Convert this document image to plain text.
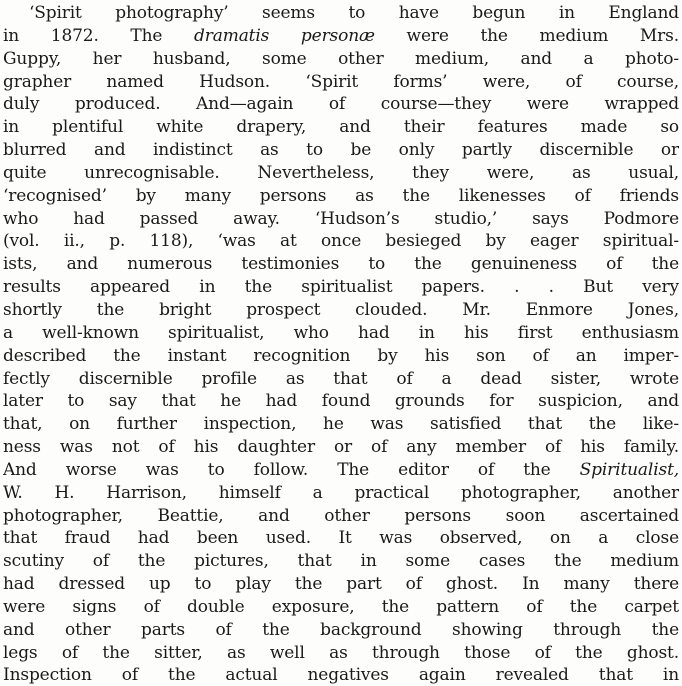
‘Spirit photography’ seems to have begun in England
in 1872. The dramatis personæ were the medium Mrs.
Guppy, her husband, some other medium, and a photo-
grapher named Hudson. ‘Spirit forms’ were, of course,
duly produced. And—again of course—they were wrapped
in plentiful white drapery, and their features made so
blurred and indistinct as to be only partly discernible or
quite unrecognisable. Nevertheless, they were, as usual,
‘recognised’ by many persons as the likenesses of friends
who had passed away. ‘Hudson’s studio,’ says Podmore
(vol. ii., p. 118), ‘was at once besieged by eager spiritual-
ists, and numerous testimonies to the genuineness of the
results appeared in the spiritualist papers. . . But very
shortly the bright prospect clouded. Mr. Enmore Jones,
a well-known spiritualist, who had in his first enthusiasm
described the instant recognition by his son of an imper-
fectly discernible profile as that of a dead sister, wrote
later to say that he had found grounds for suspicion, and
that, on further inspection, he was satisfied that the like-
ness was not of his daughter or of any member of his family.
And worse was to follow. The editor of the Spiritualist,
W. H. Harrison, himself a practical photographer, another
photographer, Beattie, and other persons soon ascertained
that fraud had been used. It was observed, on a close
scutiny of the pictures, that in some cases the medium
had dressed up to play the part of ghost. In many there
were signs of double exposure, the pattern of the carpet
and other parts of the background showing through the
legs of the sitter, as well as through those of the ghost.
Inspection of the actual negatives again revealed that in
